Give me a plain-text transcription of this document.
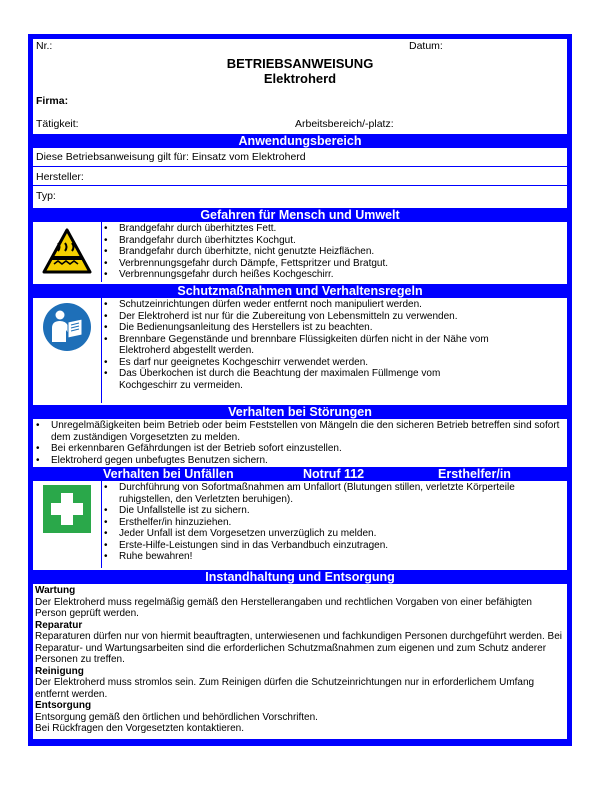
Nr.:	Datum:
BETRIEBSANWEISUNG
Elektroherd
Firma:
Tätigkeit:	Arbeitsbereich/-platz:
Anwendungsbereich
Diese Betriebsanweisung gilt für: Einsatz vom Elektroherd
Hersteller:
Typ:
Gefahren für Mensch und Umwelt
• Brandgefahr durch überhitztes Fett.
• Brandgefahr durch überhitztes Kochgut.
• Brandgefahr durch überhitzte, nicht genutzte Heizflächen.
• Verbrennungsgefahr durch Dämpfe, Fettspritzer und Bratgut.
• Verbrennungsgefahr durch heißes Kochgeschirr.
Schutzmaßnahmen und Verhaltensregeln
• Schutzeinrichtungen dürfen weder entfernt noch manipuliert werden.
• Der Elektroherd ist nur für die Zubereitung von Lebensmitteln zu verwenden.
• Die Bedienungsanleitung des Herstellers ist zu beachten.
• Brennbare Gegenstände und brennbare Flüssigkeiten dürfen nicht in der Nähe vom Elektroherd abgestellt werden.
• Es darf nur geeignetes Kochgeschirr verwendet werden.
• Das Überkochen ist durch die Beachtung der maximalen Füllmenge vom Kochgeschirr zu vermeiden.
Verhalten bei Störungen
• Unregelmäßigkeiten beim Betrieb oder beim Feststellen von Mängeln die den sicheren Betrieb betreffen sind sofort dem zuständigen Vorgesetzten zu melden.
• Bei erkennbaren Gefährdungen ist der Betrieb sofort einzustellen.
• Elektroherd gegen unbefugtes Benutzen sichern.
Verhalten bei Unfällen	Notruf 112	Ersthelfer/in
• Durchführung von Sofortmaßnahmen am Unfallort (Blutungen stillen, verletzte Körperteile ruhigstellen, den Verletzten beruhigen).
• Die Unfallstelle ist zu sichern.
• Ersthelfer/in hinzuziehen.
• Jeder Unfall ist dem Vorgesetzen unverzüglich zu melden.
• Erste-Hilfe-Leistungen sind in das Verbandbuch einzutragen.
• Ruhe bewahren!
Instandhaltung und Entsorgung
Wartung
Der Elektroherd muss regelmäßig gemäß den Herstellerangaben und rechtlichen Vorgaben von einer befähigten Person geprüft werden.
Reparatur
Reparaturen dürfen nur von hiermit beauftragten, unterwiesenen und fachkundigen Personen durchgeführt werden. Bei Reparatur- und Wartungsarbeiten sind die erforderlichen Schutzmaßnahmen zum eigenen und zum Schutz anderer Personen zu treffen.
Reinigung
Der Elektroherd muss stromlos sein. Zum Reinigen dürfen die Schutzeinrichtungen nur in erforderlichem Umfang entfernt werden.
Entsorgung
Entsorgung gemäß den örtlichen und behördlichen Vorschriften.
Bei Rückfragen den Vorgesetzten kontaktieren.
